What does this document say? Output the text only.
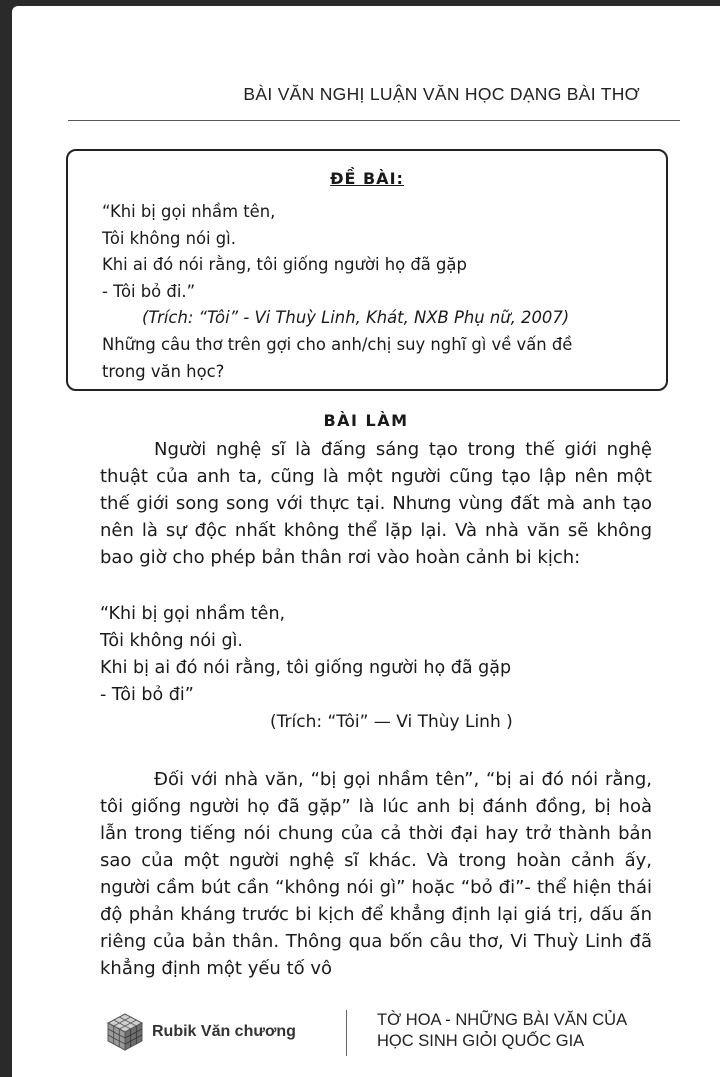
BÀI VĂN NGHỊ LUẬN VĂN HỌC DẠNG BÀI THƠ
ĐỀ BÀI:
“Khi bị gọi nhầm tên,
Tôi không nói gì.
Khi ai đó nói rằng, tôi giống người họ đã gặp
- Tôi bỏ đi.”
(Trích: “Tôi” - Vi Thuỳ Linh, Khát, NXB Phụ nữ, 2007)
Những câu thơ trên gợi cho anh/chị suy nghĩ gì về vấn đề
trong văn học?
BÀI LÀM
Người nghệ sĩ là đấng sáng tạo trong thế giới nghệ thuật của anh ta, cũng là một người cũng tạo lập nên một thế giới song song với thực tại. Nhưng vùng đất mà anh tạo nên là sự độc nhất không thể lặp lại. Và nhà văn sẽ không bao giờ cho phép bản thân rơi vào hoàn cảnh bi kịch:
“Khi bị gọi nhầm tên,
Tôi không nói gì.
Khi bị ai đó nói rằng, tôi giống người họ đã gặp
- Tôi bỏ đi”
(Trích: “Tôi” — Vi Thùy Linh )
Đối với nhà văn, “bị gọi nhầm tên”, “bị ai đó nói rằng, tôi giống người họ đã gặp” là lúc anh bị đánh đồng, bị hoà lẫn trong tiếng nói chung của cả thời đại hay trở thành bản sao của một người nghệ sĩ khác. Và trong hoàn cảnh ấy, người cầm bút cần “không nói gì” hoặc “bỏ đi”- thể hiện thái độ phản kháng trước bi kịch để khẳng định lại giá trị, dấu ấn riêng của bản thân. Thông qua bốn câu thơ, Vi Thuỳ Linh đã khẳng định một yếu tố vô
Rubik Văn chương
TỜ HOA - NHỮNG BÀI VĂN CỦA
HỌC SINH GIỎI QUỐC GIA
